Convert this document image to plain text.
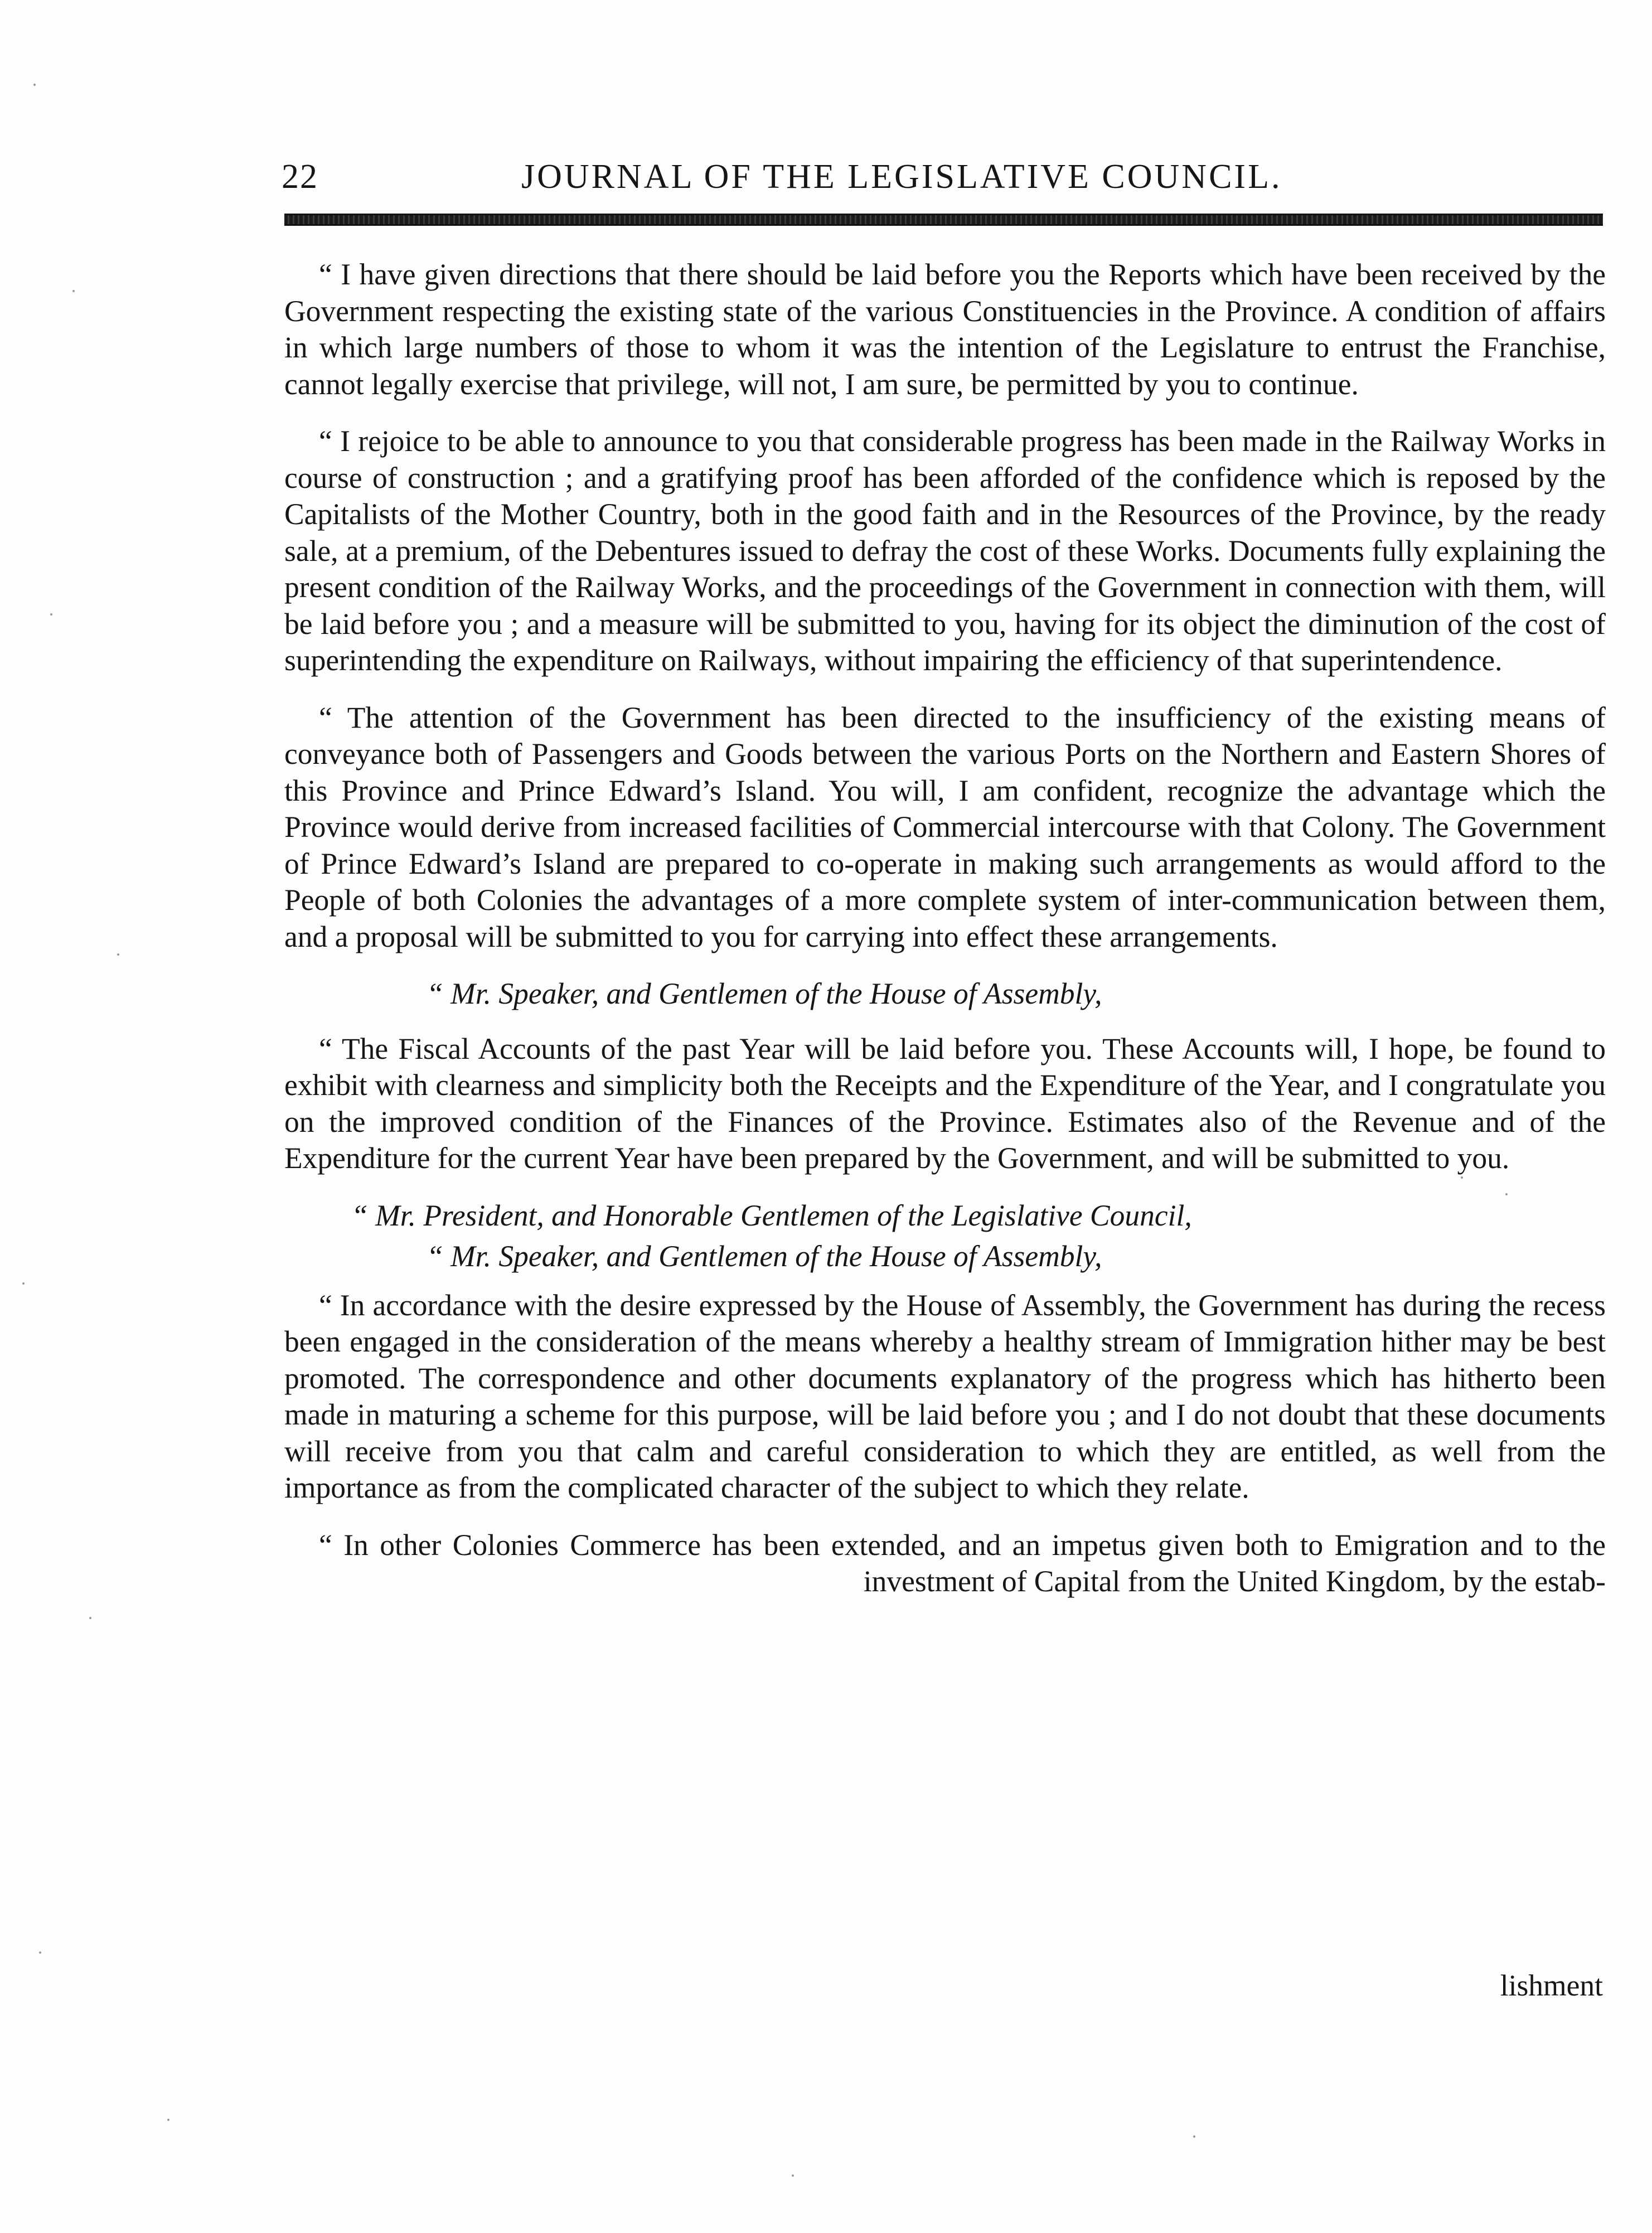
22	JOURNAL OF THE LEGISLATIVE COUNCIL.

“ I have given directions that there should be laid before you the Reports which have been received by the Government respecting the existing state of the various Constituencies in the Province. A condition of affairs in which large numbers of those to whom it was the intention of the Legislature to entrust the Franchise, cannot legally exercise that privilege, will not, I am sure, be permitted by you to continue.

“ I rejoice to be able to announce to you that considerable progress has been made in the Railway Works in course of construction ; and a gratifying proof has been afforded of the confidence which is reposed by the Capitalists of the Mother Country, both in the good faith and in the Resources of the Province, by the ready sale, at a premium, of the Debentures issued to defray the cost of these Works. Documents fully explaining the present condition of the Railway Works, and the proceedings of the Government in connection with them, will be laid before you ; and a measure will be submitted to you, having for its object the diminution of the cost of superintending the expenditure on Railways, without impairing the efficiency of that superintendence.

“ The attention of the Government has been directed to the insufficiency of the existing means of conveyance both of Passengers and Goods between the various Ports on the Northern and Eastern Shores of this Province and Prince Edward’s Island. You will, I am confident, recognize the advantage which the Province would derive from increased facilities of Commercial intercourse with that Colony. The Government of Prince Edward’s Island are prepared to co-operate in making such arrangements as would afford to the People of both Colonies the advantages of a more complete system of inter-communication between them, and a proposal will be submitted to you for carrying into effect these arrangements.

“ Mr. Speaker, and Gentlemen of the House of Assembly,

“ The Fiscal Accounts of the past Year will be laid before you. These Accounts will, I hope, be found to exhibit with clearness and simplicity both the Receipts and the Expenditure of the Year, and I congratulate you on the improved condition of the Finances of the Province. Estimates also of the Revenue and of the Expenditure for the current Year have been prepared by the Government, and will be submitted to you.

“ Mr. President, and Honorable Gentlemen of the Legislative Council,
“ Mr. Speaker, and Gentlemen of the House of Assembly,

“ In accordance with the desire expressed by the House of Assembly, the Government has during the recess been engaged in the consideration of the means whereby a healthy stream of Immigration hither may be best promoted. The correspondence and other documents explanatory of the progress which has hitherto been made in maturing a scheme for this purpose, will be laid before you ; and I do not doubt that these documents will receive from you that calm and careful consideration to which they are entitled, as well from the importance as from the complicated character of the subject to which they relate.

“ In other Colonies Commerce has been extended, and an impetus given both to Emigration and to the investment of Capital from the United Kingdom, by the estab-

lishment
